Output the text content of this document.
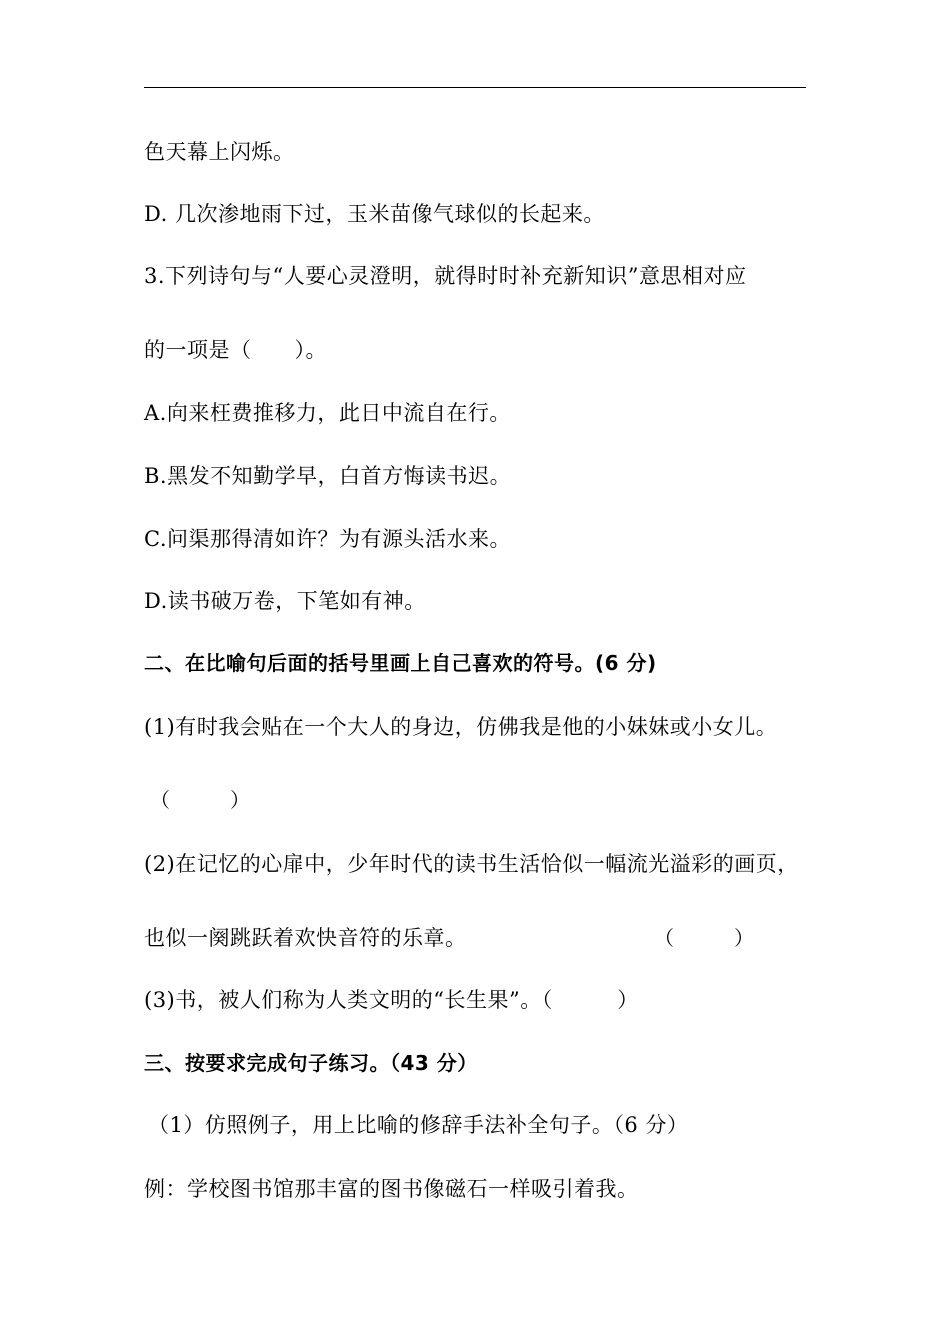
色天幕上闪烁。
D. 几次渗地雨下过，玉米苗像气球似的长起来。
3.下列诗句与“人要心灵澄明，就得时时补充新知识”意思相对应
的一项是（　　）。
A.向来枉费推移力，此日中流自在行。
B.黑发不知勤学早，白首方悔读书迟。
C.问渠那得清如许？为有源头活水来。
D.读书破万卷，下笔如有神。
二、在比喻句后面的括号里画上自己喜欢的符号。(6 分)
(1)有时我会贴在一个大人的身边，仿佛我是他的小妹妹或小女儿。
（　　　）
(2)在记忆的心扉中，少年时代的读书生活恰似一幅流光溢彩的画页，
也似一阕跳跃着欢快音符的乐章。	（　　　）
(3)书，被人们称为人类文明的“长生果”。（　　　）
三、按要求完成句子练习。（43 分）
（1）仿照例子，用上比喻的修辞手法补全句子。（6 分）
例：学校图书馆那丰富的图书像磁石一样吸引着我。
